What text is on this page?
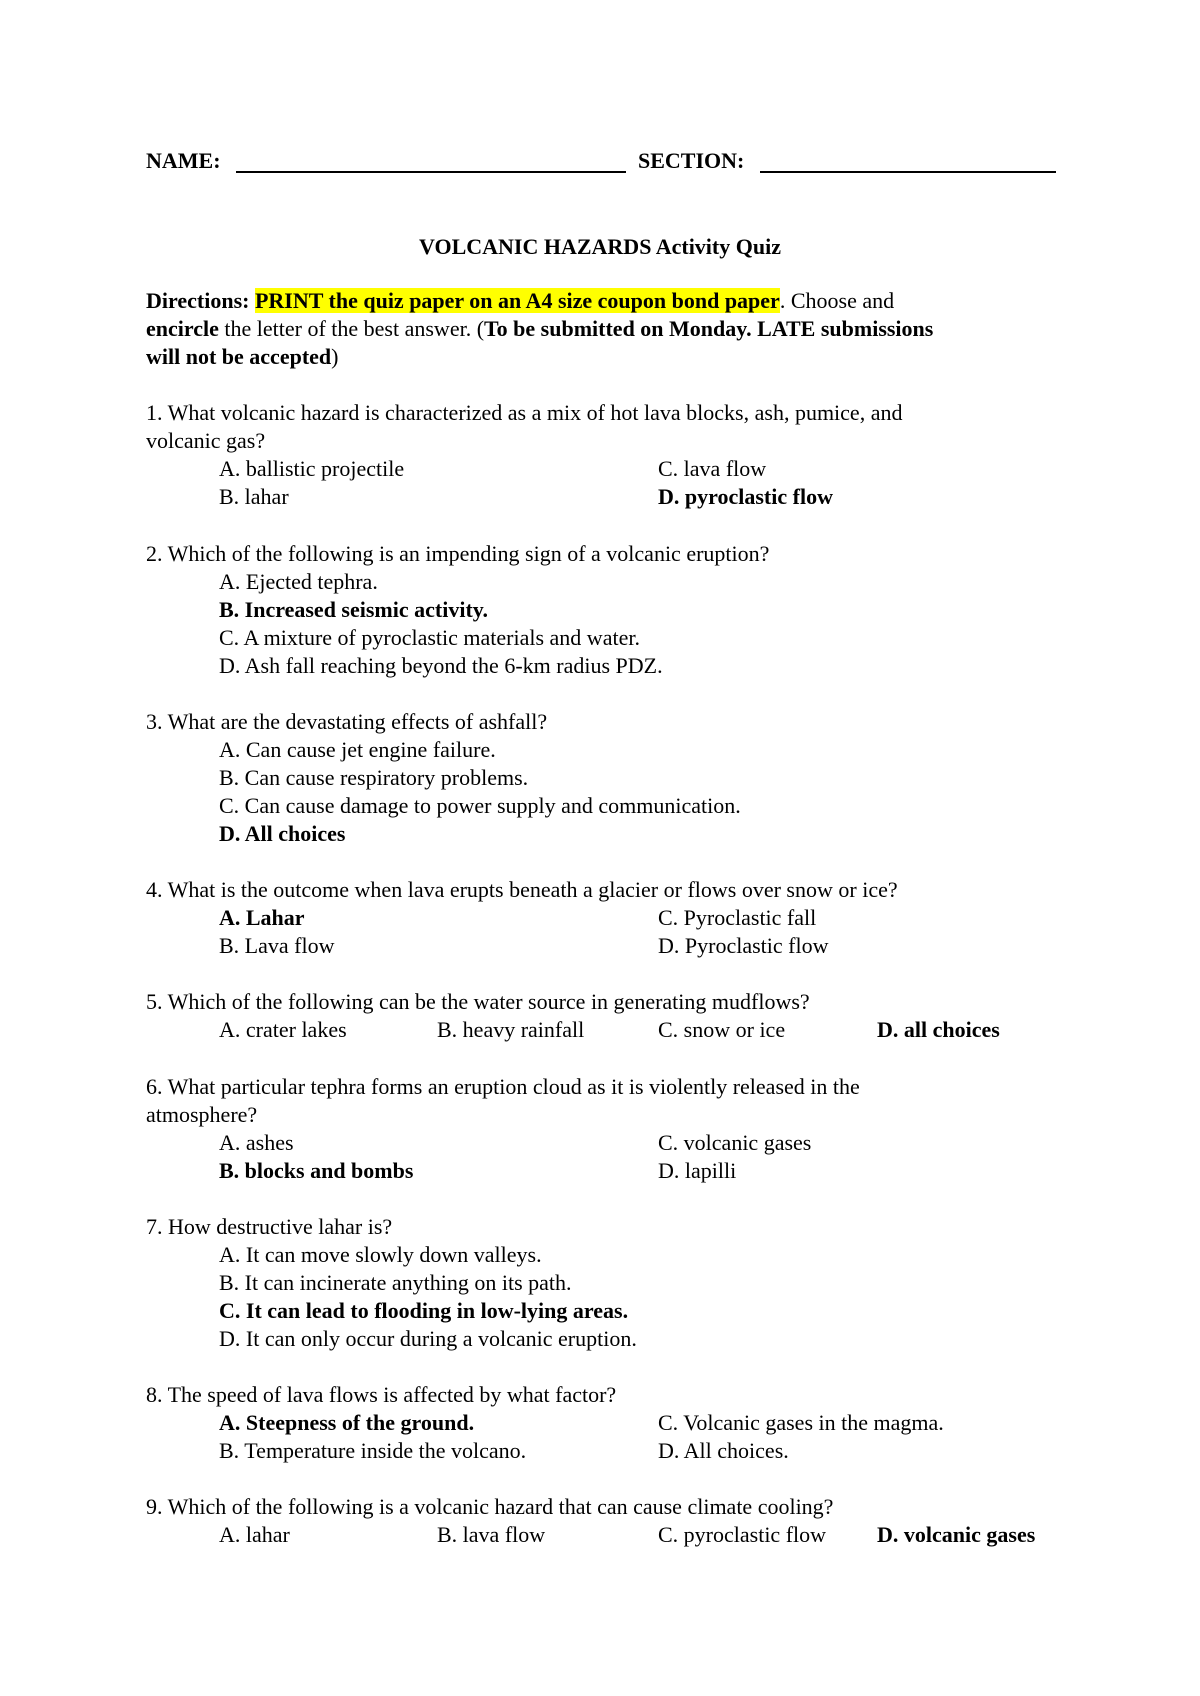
NAME:	SECTION:
VOLCANIC HAZARDS Activity Quiz
Directions: PRINT the quiz paper on an A4 size coupon bond paper. Choose and
encircle the letter of the best answer. (To be submitted on Monday. LATE submissions
will not be accepted)
1. What volcanic hazard is characterized as a mix of hot lava blocks, ash, pumice, and
volcanic gas?
A. ballistic projectile	C. lava flow
B. lahar	D. pyroclastic flow
2. Which of the following is an impending sign of a volcanic eruption?
A. Ejected tephra.
B. Increased seismic activity.
C. A mixture of pyroclastic materials and water.
D. Ash fall reaching beyond the 6-km radius PDZ.
3. What are the devastating effects of ashfall?
A. Can cause jet engine failure.
B. Can cause respiratory problems.
C. Can cause damage to power supply and communication.
D. All choices
4. What is the outcome when lava erupts beneath a glacier or flows over snow or ice?
A. Lahar	C. Pyroclastic fall
B. Lava flow	D. Pyroclastic flow
5. Which of the following can be the water source in generating mudflows?
A. crater lakes	B. heavy rainfall	C. snow or ice	D. all choices
6. What particular tephra forms an eruption cloud as it is violently released in the
atmosphere?
A. ashes	C. volcanic gases
B. blocks and bombs	D. lapilli
7. How destructive lahar is?
A. It can move slowly down valleys.
B. It can incinerate anything on its path.
C. It can lead to flooding in low-lying areas.
D. It can only occur during a volcanic eruption.
8. The speed of lava flows is affected by what factor?
A. Steepness of the ground.	C. Volcanic gases in the magma.
B. Temperature inside the volcano.	D. All choices.
9. Which of the following is a volcanic hazard that can cause climate cooling?
A. lahar	B. lava flow	C. pyroclastic flow D. volcanic gases
